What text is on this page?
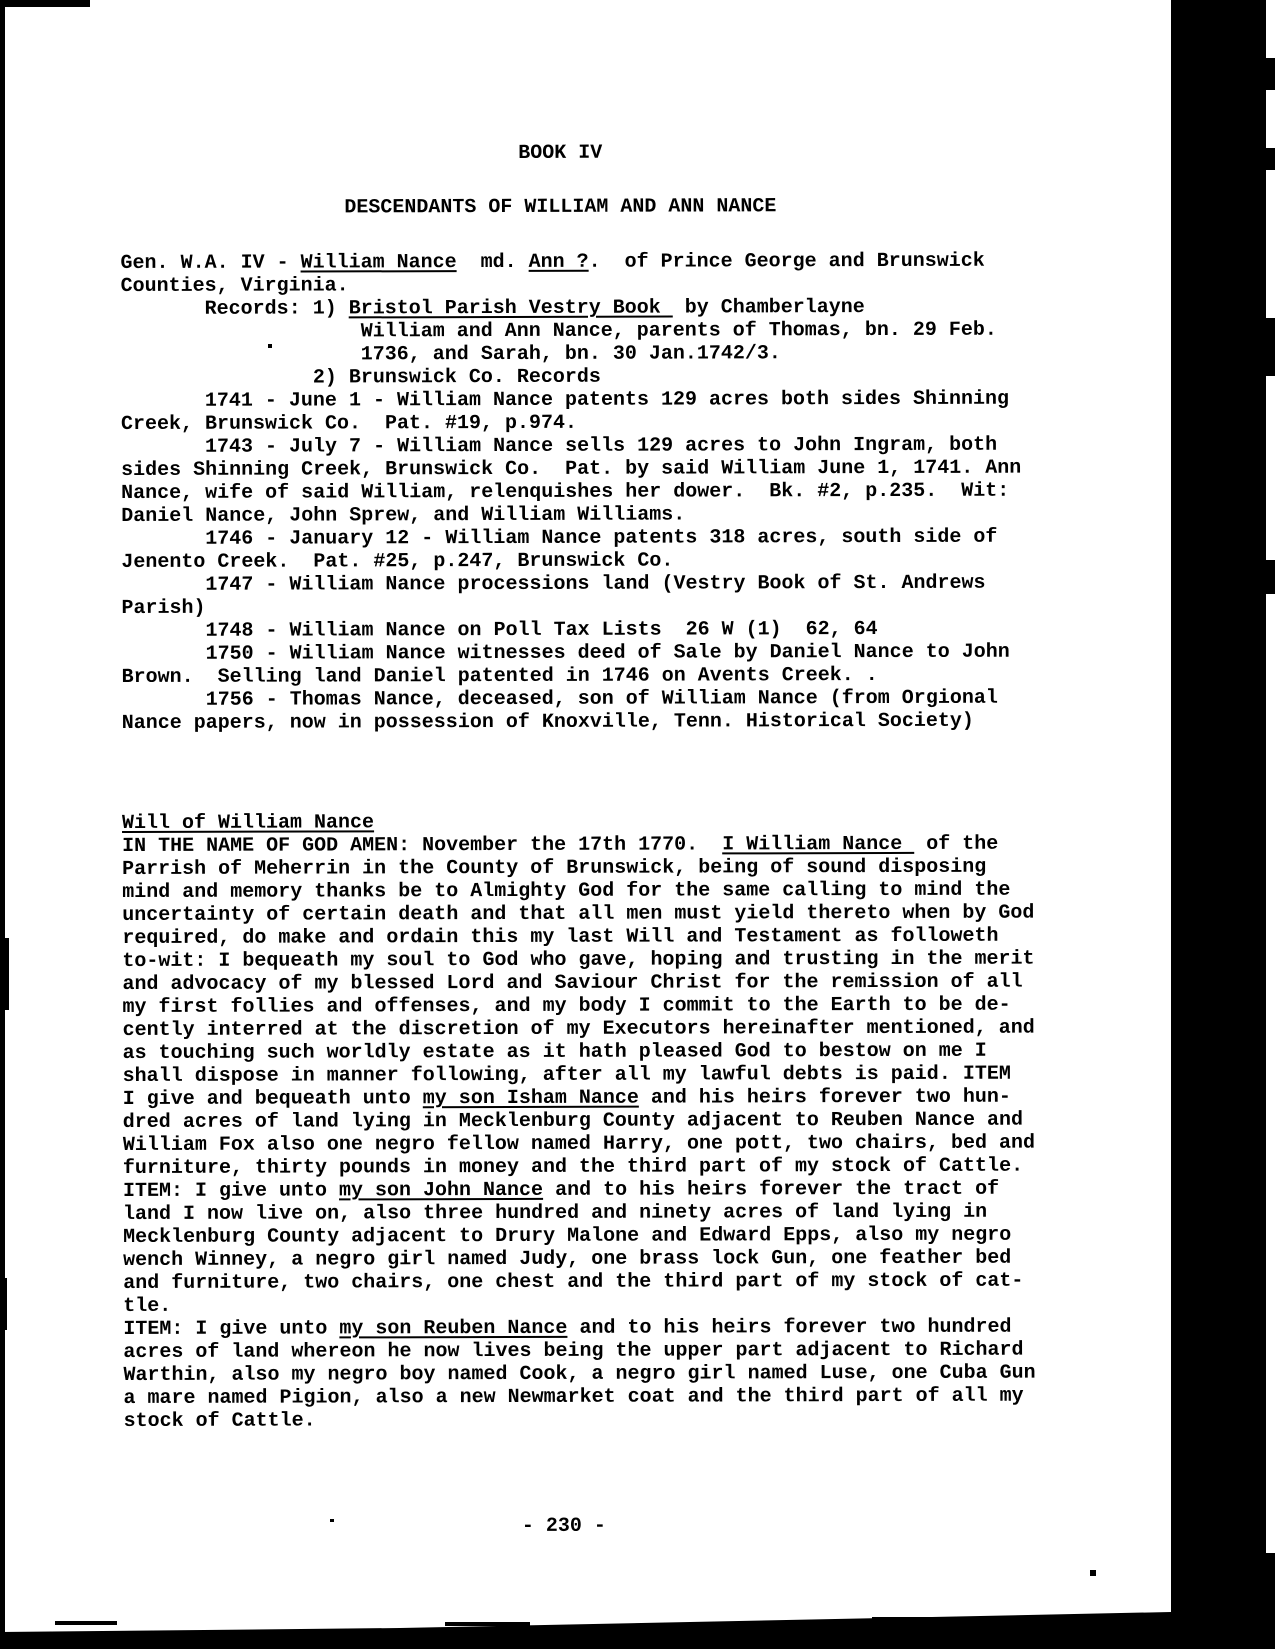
BOOK IV
DESCENDANTS OF WILLIAM AND ANN NANCE
Gen. W.A. IV - William Nance  md. Ann ?.  of Prince George and Brunswick
Counties, Virginia.
Records: 1) Bristol Parish Vestry Book  by Chamberlayne
William and Ann Nance, parents of Thomas, bn. 29 Feb.
1736, and Sarah, bn. 30 Jan.1742/3.
2) Brunswick Co. Records
1741 - June 1 - William Nance patents 129 acres both sides Shinning
Creek, Brunswick Co.  Pat. #19, p.974.
1743 - July 7 - William Nance sells 129 acres to John Ingram, both
sides Shinning Creek, Brunswick Co.  Pat. by said William June 1, 1741. Ann
Nance, wife of said William, relenquishes her dower.  Bk. #2, p.235.  Wit:
Daniel Nance, John Sprew, and William Williams.
1746 - January 12 - William Nance patents 318 acres, south side of
Jenento Creek.  Pat. #25, p.247, Brunswick Co.
1747 - William Nance processions land (Vestry Book of St. Andrews
Parish)
1748 - William Nance on Poll Tax Lists  26 W (1)  62, 64
1750 - William Nance witnesses deed of Sale by Daniel Nance to John
Brown.  Selling land Daniel patented in 1746 on Avents Creek. .
1756 - Thomas Nance, deceased, son of William Nance (from Orgional
Nance papers, now in possession of Knoxville, Tenn. Historical Society)
Will of William Nance
IN THE NAME OF GOD AMEN: November the 17th 1770.  I William Nance  of the
Parrish of Meherrin in the County of Brunswick, being of sound disposing
mind and memory thanks be to Almighty God for the same calling to mind the
uncertainty of certain death and that all men must yield thereto when by God
required, do make and ordain this my last Will and Testament as followeth
to-wit: I bequeath my soul to God who gave, hoping and trusting in the merit
and advocacy of my blessed Lord and Saviour Christ for the remission of all
my first follies and offenses, and my body I commit to the Earth to be de-
cently interred at the discretion of my Executors hereinafter mentioned, and
as touching such worldly estate as it hath pleased God to bestow on me I
shall dispose in manner following, after all my lawful debts is paid. ITEM
I give and bequeath unto my son Isham Nance and his heirs forever two hun-
dred acres of land lying in Mecklenburg County adjacent to Reuben Nance and
William Fox also one negro fellow named Harry, one pott, two chairs, bed and
furniture, thirty pounds in money and the third part of my stock of Cattle.
ITEM: I give unto my son John Nance and to his heirs forever the tract of
land I now live on, also three hundred and ninety acres of land lying in
Mecklenburg County adjacent to Drury Malone and Edward Epps, also my negro
wench Winney, a negro girl named Judy, one brass lock Gun, one feather bed
and furniture, two chairs, one chest and the third part of my stock of cat-
tle.
ITEM: I give unto my son Reuben Nance and to his heirs forever two hundred
acres of land whereon he now lives being the upper part adjacent to Richard
Warthin, also my negro boy named Cook, a negro girl named Luse, one Cuba Gun
a mare named Pigion, also a new Newmarket coat and the third part of all my
stock of Cattle.
- 230 -
